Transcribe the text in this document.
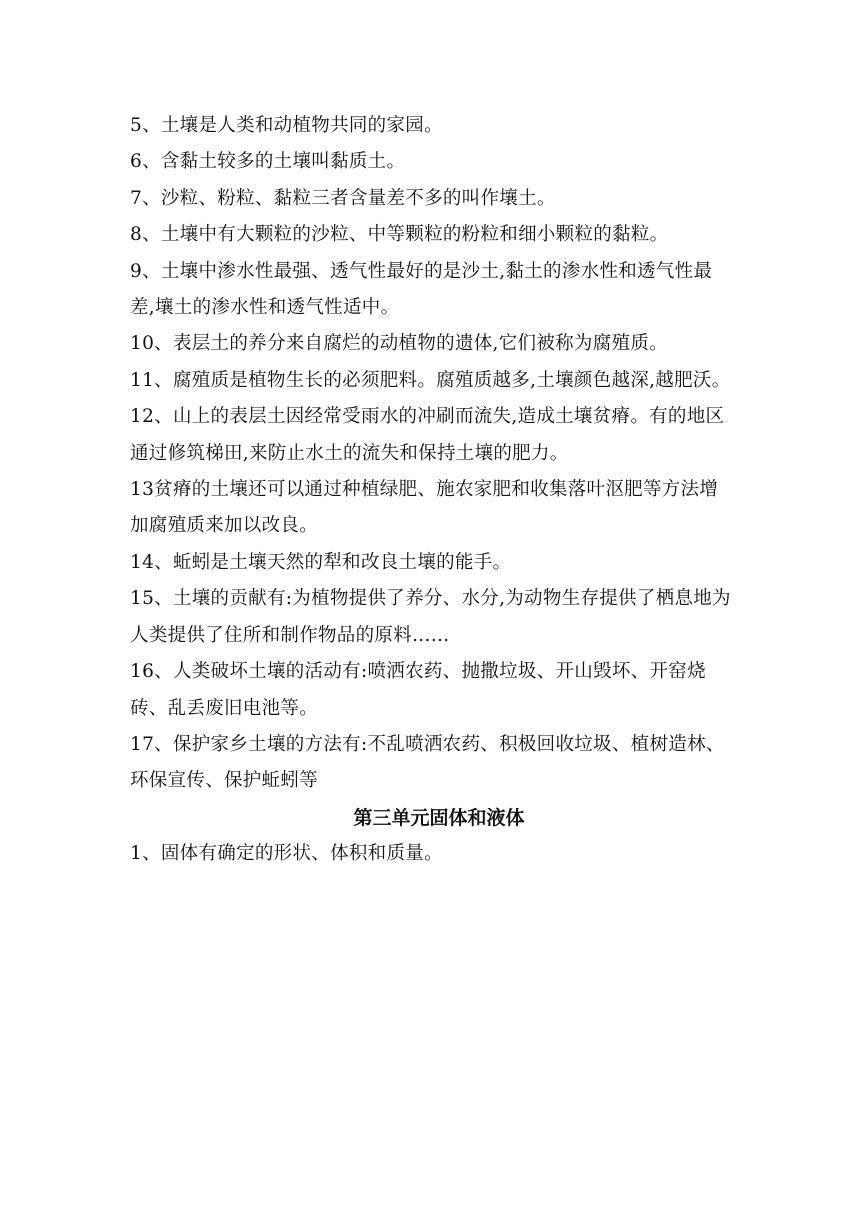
5、土壤是人类和动植物共同的家园。

6、含黏土较多的土壤叫黏质土。

7、沙粒、粉粒、黏粒三者含量差不多的叫作壤土。

8、土壤中有大颗粒的沙粒、中等颗粒的粉粒和细小颗粒的黏粒。

9、土壤中渗水性最强、透气性最好的是沙土,黏土的渗水性和透气性最差,壤土的渗水性和透气性适中。

10、表层土的养分来自腐烂的动植物的遗体,它们被称为腐殖质。

11、腐殖质是植物生长的必须肥料。腐殖质越多,土壤颜色越深,越肥沃。

12、山上的表层土因经常受雨水的冲刷而流失,造成土壤贫瘠。有的地区通过修筑梯田,来防止水土的流失和保持土壤的肥力。

13贫瘠的土壤还可以通过种植绿肥、施农家肥和收集落叶沤肥等方法增加腐殖质来加以改良。

14、蚯蚓是土壤天然的犁和改良土壤的能手。

15、土壤的贡献有:为植物提供了养分、水分,为动物生存提供了栖息地为人类提供了住所和制作物品的原料……

16、人类破坏土壤的活动有:喷洒农药、抛撒垃圾、开山毁坏、开窑烧砖、乱丢废旧电池等。

17、保护家乡土壤的方法有:不乱喷洒农药、积极回收垃圾、植树造林、环保宣传、保护蚯蚓等

第三单元固体和液体

1、固体有确定的形状、体积和质量。
